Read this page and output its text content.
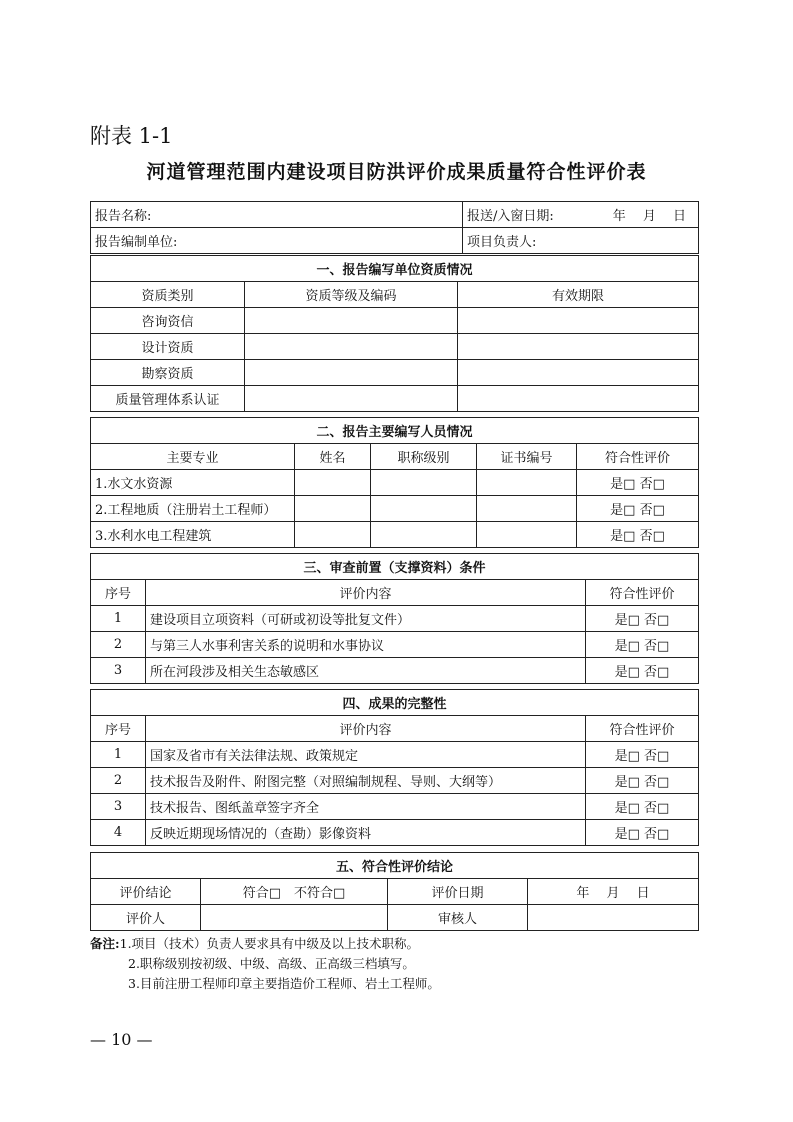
附表 1-1
河道管理范围内建设项目防洪评价成果质量符合性评价表
报告名称:	报送/入窗日期: 年　 月　 日

报告编制单位:	项目负责人:
一、报告编写单位资质情况		
资质类别	资质等级及编码	有效期限
咨询资信		
设计资质		
勘察资质		
质量管理体系认证		
二、报告主要编写人员情况				
主要专业	姓名	职称级别	证书编号	符合性评价
1.水文水资源				是□ 否□
2.工程地质（注册岩土工程师）				是□ 否□
3.水利水电工程建筑				是□ 否□
三、审查前置（支撑资料）条件		
序号	评价内容	符合性评价
1	建设项目立项资料（可研或初设等批复文件）	是□ 否□
2	与第三人水事利害关系的说明和水事协议	是□ 否□
3	所在河段涉及相关生态敏感区	是□ 否□
四、成果的完整性		
序号	评价内容	符合性评价
1	国家及省市有关法律法规、政策规定	是□ 否□
2	技术报告及附件、附图完整（对照编制规程、导则、大纲等）	是□ 否□
3	技术报告、图纸盖章签字齐全	是□ 否□
4	反映近期现场情况的（查勘）影像资料	是□ 否□
五、符合性评价结论			
评价结论	符合□　不符合□	评价日期	年　 月　 日
评价人		审核人	
备注:1.项目（技术）负责人要求具有中级及以上技术职称。
2.职称级别按初级、中级、高级、正高级三档填写。
3.目前注册工程师印章主要指造价工程师、岩土工程师。
— 10 —
